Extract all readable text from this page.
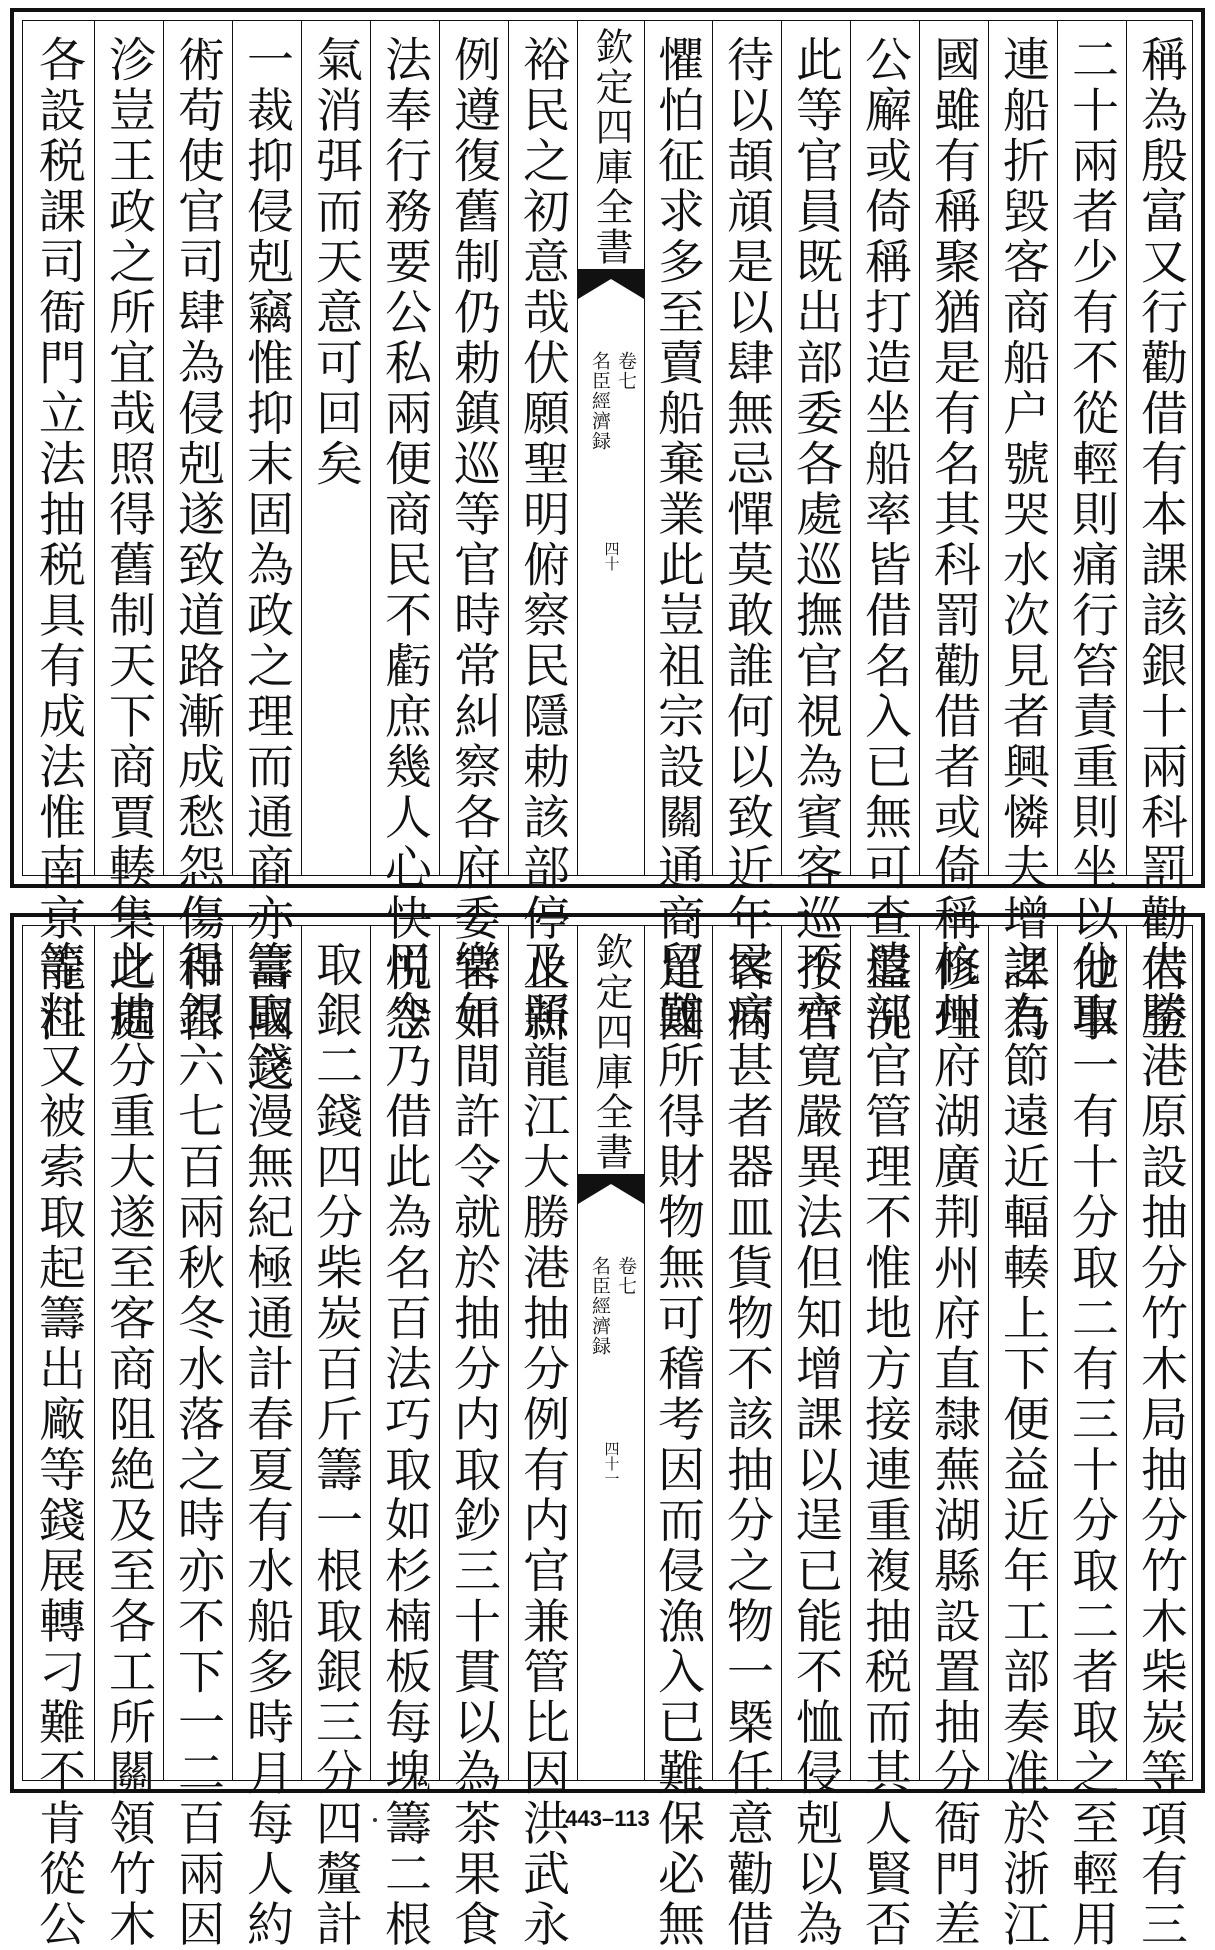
稱為殷富又行勸借有本課該銀十兩科罰勸借至
二十兩者少有不從輕則痛行笞責重則坐以他事
連船折毀客商船户號哭水次見者興憐夫增課為
國雖有稱聚猶是有名其科罰勸借者或倚稱修理
公廨或倚稱打造坐船率皆借名入已無可查盤況
此等官員既出部委各處巡撫官視為賓客巡按官
待以頡頏是以肆無忌憚莫敢誰何以致近年客商
懼怕征求多至賣船棄業此豈祖宗設關通商足國
欽定四庫全書
名臣經濟録 卷七
四十
裕民之初意哉伏願聖明俯察民隱勅該部停止新
例遵復舊制仍勅鎮巡等官時常糾察各府委官如
法奉行務要公私兩便商民不虧庶幾人心快悦怨
氣消弭而天意可回矣
一裁抑侵剋竊惟抑末固為政之理而通商亦富國之
術苟使官司肆為侵剋遂致道路漸成愁怨傷和召
沴豈王政之所宜哉照得舊制天下商賈輳集之處
各設税課司衙門立法抽税具有成法惟南京龍江
大勝港原設抽分竹木局抽分竹木柴炭等項有三
分取一有十分取二有三十分取二者取之至輕用
之有節遠近輻輳上下便益近年工部奏准於浙江
杭州府湖廣荆州府直隸蕪湖縣設置抽分衙門差
遣部官管理不惟地方接連重複抽税而其人賢否
不齊寛嚴異法但知增課以逞已能不恤侵剋以為
民病甚者器皿貨物不該抽分之物一槩任意勸借
留難所得財物無可稽考因而侵漁入已難保必無
欽定四庫全書
名臣經濟録 卷七
四十一
及照龍江大勝港抽分例有内官兼管比因洪武永
樂年間許令就於抽分内取鈔三十貫以為茶果食
用今乃借此為名百法巧取如杉楠板每塊籌二根
取銀二錢四分柴炭百斤籌一根取銀三分四釐計
籌取錢漫無紀極通計春夏有水船多時月每人約
得銀六七百兩秋冬水落之時亦不下一二百兩因
此抽分重大遂至客商阻絶及至各工所關領竹木
等料又被索取起籌出廠等錢展轉刁難不肯從公	443–113
